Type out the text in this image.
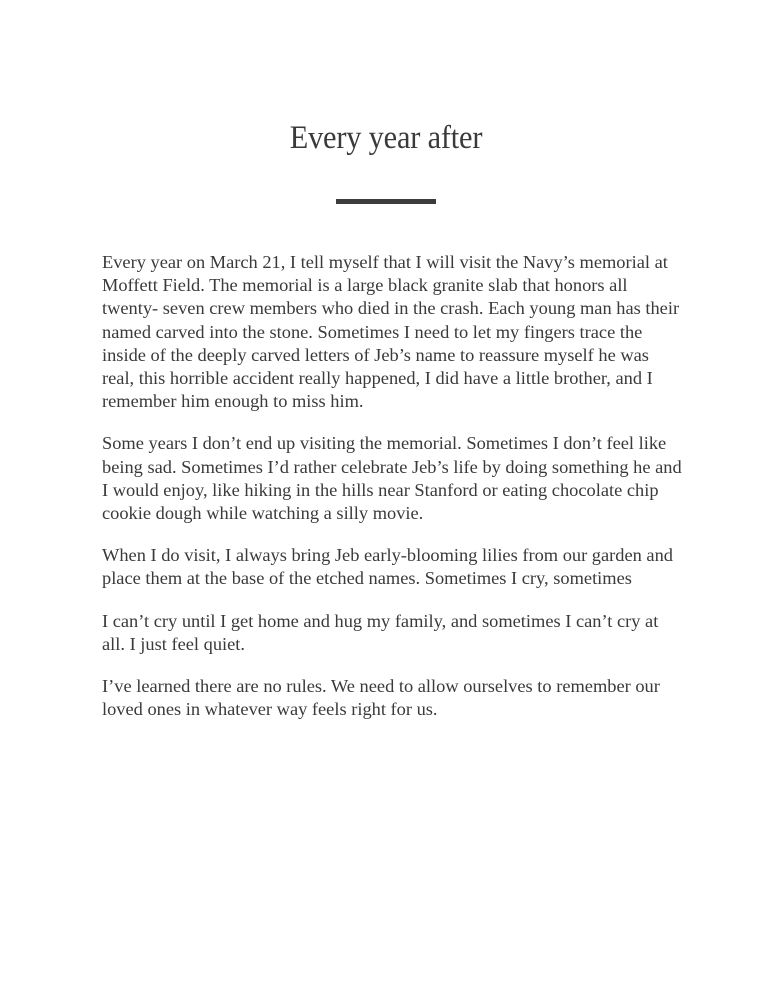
Every year after

Every year on March 21, I tell myself that I will visit the Navy’s memorial at Moffett Field. The memorial is a large black granite slab that honors all twenty- seven crew members who died in the crash. Each young man has their named carved into the stone. Sometimes I need to let my fingers trace the inside of the deeply carved letters of Jeb’s name to reassure myself he was real, this horrible accident really happened, I did have a little brother, and I remember him enough to miss him.

Some years I don’t end up visiting the memorial. Sometimes I don’t feel like being sad. Sometimes I’d rather celebrate Jeb’s life by doing something he and I would enjoy, like hiking in the hills near Stanford or eating chocolate chip cookie dough while watching a silly movie.

When I do visit, I always bring Jeb early-blooming lilies from our garden and place them at the base of the etched names. Sometimes I cry, sometimes

I can’t cry until I get home and hug my family, and sometimes I can’t cry at all. I just feel quiet.

I’ve learned there are no rules. We need to allow ourselves to remember our loved ones in whatever way feels right for us.
